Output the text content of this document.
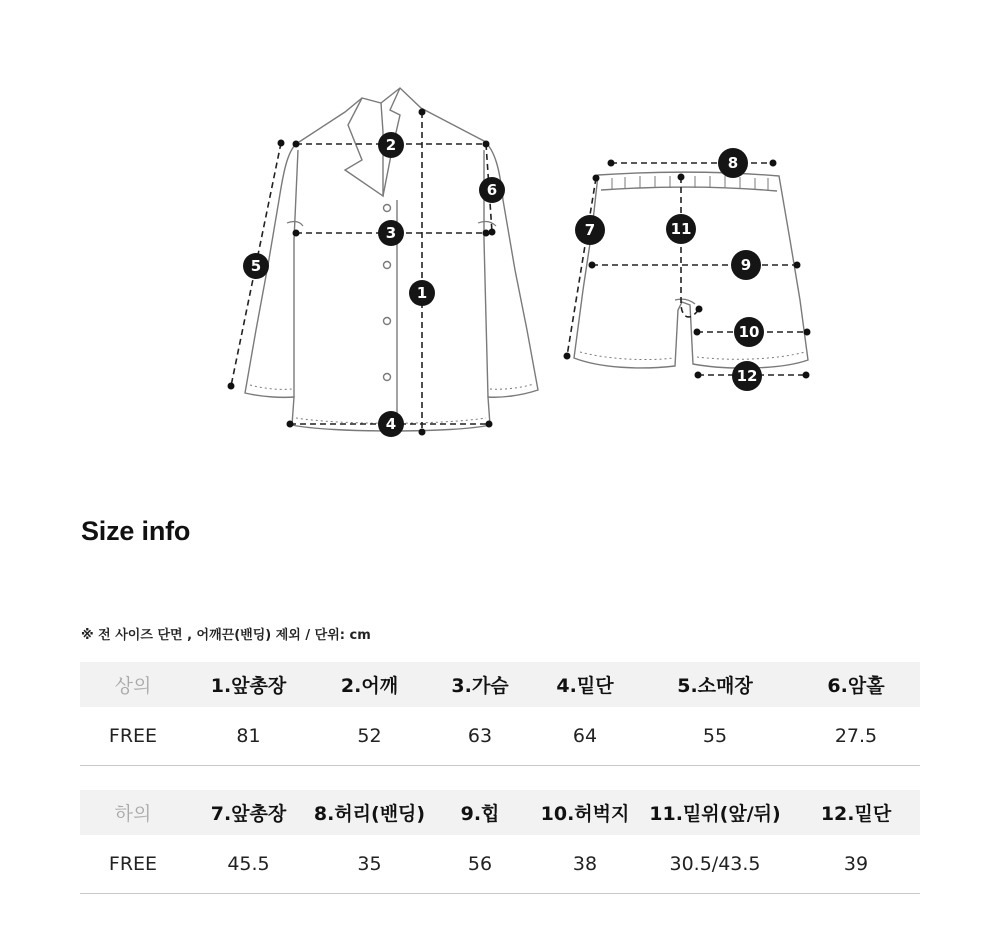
1
2
3
4
5
6
7
8
9
10
11
12
Size info
※ 전 사이즈 단면 , 어깨끈(밴딩) 제외 / 단위: cm
상의	1.앞총장	2.어깨	3.가슴	4.밑단	5.소매장	6.암홀
FREE	81	52	63	64	55	27.5
하의	7.앞총장	8.허리(밴딩)	9.힙	10.허벅지	11.밑위(앞/뒤)	12.밑단
FREE	45.5	35	56	38	30.5/43.5	39
